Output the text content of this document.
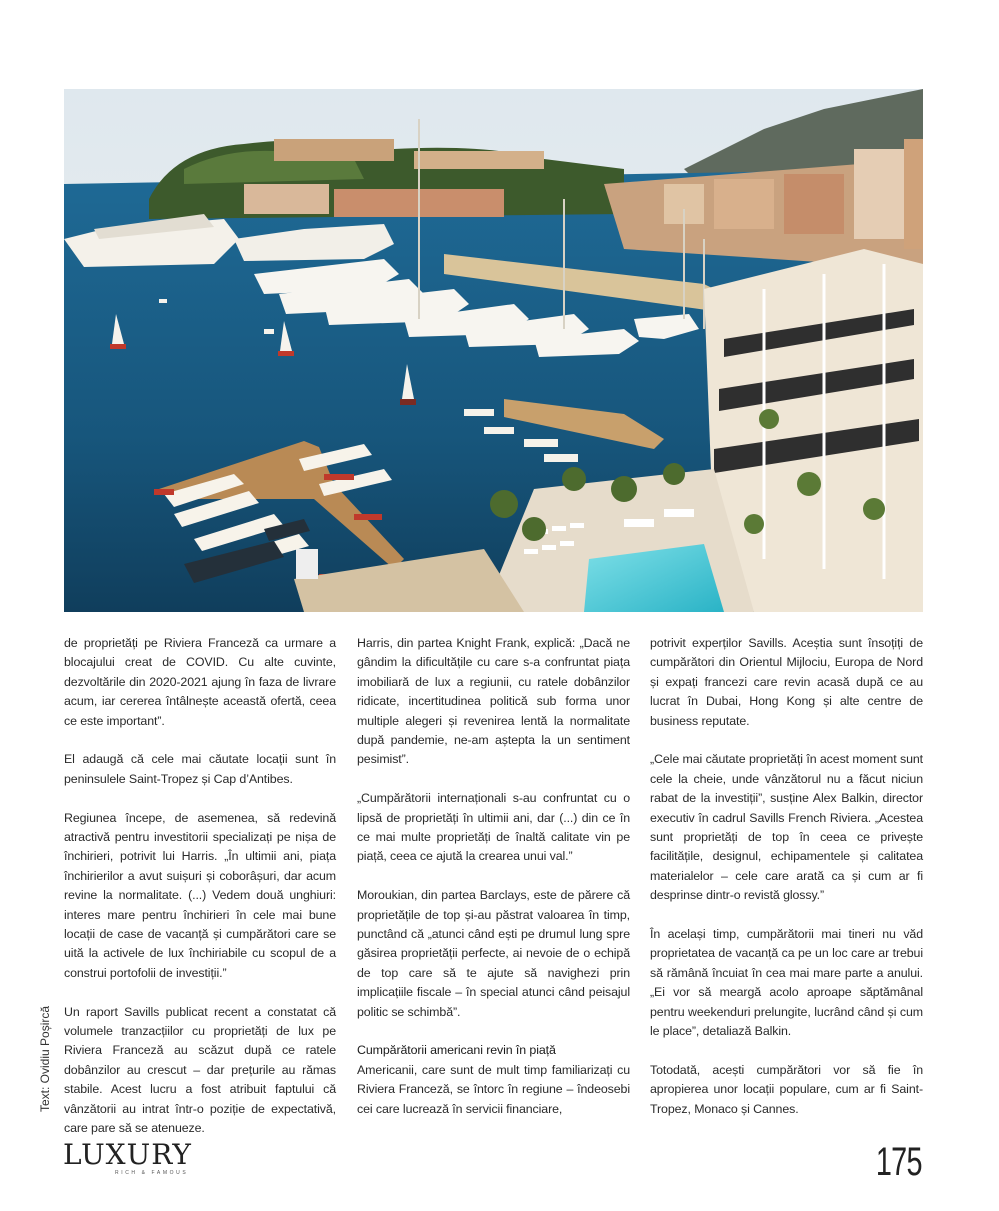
de proprietăți pe Riviera Franceză ca urmare a blocajului creat de COVID. Cu alte cuvinte, dezvoltările din 2020-2021 ajung în faza de livrare acum, iar cererea întâlnește această ofertă, ceea ce este important”.

El adaugă că cele mai căutate locații sunt în peninsulele Saint-Tropez și Cap d’Antibes.

Regiunea începe, de asemenea, să redevină atractivă pentru investitorii specializați pe nișa de închirieri, potrivit lui Harris. „În ultimii ani, piața închirierilor a avut suișuri și coborâșuri, dar acum revine la normalitate. (...) Vedem două unghiuri: interes mare pentru închirieri în cele mai bune locații de case de vacanță și cumpărători care se uită la activele de lux închiriabile cu scopul de a construi portofolii de investiții.”

Un raport Savills publicat recent a constatat că volumele tranzacțiilor cu proprietăți de lux pe Riviera Franceză au scăzut după ce ratele dobânzilor au crescut – dar prețurile au rămas stabile. Acest lucru a fost atribuit faptului că vânzătorii au intrat într-o poziție de expectativă, care pare să se atenueze.

Harris, din partea Knight Frank, explică: „Dacă ne gândim la dificultățile cu care s-a confruntat piața imobiliară de lux a regiunii, cu ratele dobânzilor ridicate, incertitudinea politică sub forma unor multiple alegeri și revenirea lentă la normalitate după pandemie, ne-am aștepta la un sentiment pesimist”.

„Cumpărătorii internaționali s-au confruntat cu o lipsă de proprietăți în ultimii ani, dar (...) din ce în ce mai multe proprietăți de înaltă calitate vin pe piață, ceea ce ajută la crearea unui val.”

Moroukian, din partea Barclays, este de părere că proprietățile de top și-au păstrat valoarea în timp, punctând că „atunci când ești pe drumul lung spre găsirea proprietății perfecte, ai nevoie de o echipă de top care să te ajute să navighezi prin implicațiile fiscale – în special atunci când peisajul politic se schimbă”.

Cumpărătorii americani revin în piață

Americanii, care sunt de mult timp familiarizați cu Riviera Franceză, se întorc în regiune – îndeosebi cei care lucrează în servicii financiare,

potrivit experților Savills. Aceștia sunt însoțiți de cumpărători din Orientul Mijlociu, Europa de Nord și expați francezi care revin acasă după ce au lucrat în Dubai, Hong Kong și alte centre de business reputate.

„Cele mai căutate proprietăți în acest moment sunt cele la cheie, unde vânzătorul nu a făcut niciun rabat de la investiții”, susține Alex Balkin, director executiv în cadrul Savills French Riviera. „Acestea sunt proprietăți de top în ceea ce privește facilitățile, designul, echipamentele și calitatea materialelor – cele care arată ca și cum ar fi desprinse dintr-o revistă glossy.”

În același timp, cumpărătorii mai tineri nu văd proprietatea de vacanță ca pe un loc care ar trebui să rămână încuiat în cea mai mare parte a anului. „Ei vor să meargă acolo aproape săptămânal pentru weekenduri prelungite, lucrând când și cum le place”, detaliază Balkin.

Totodată, acești cumpărători vor să fie în apropierea unor locații populare, cum ar fi Saint-Tropez, Monaco și Cannes.

Text: Ovidiu Poșircă
LUXURY
RICH & FAMOUS	175
